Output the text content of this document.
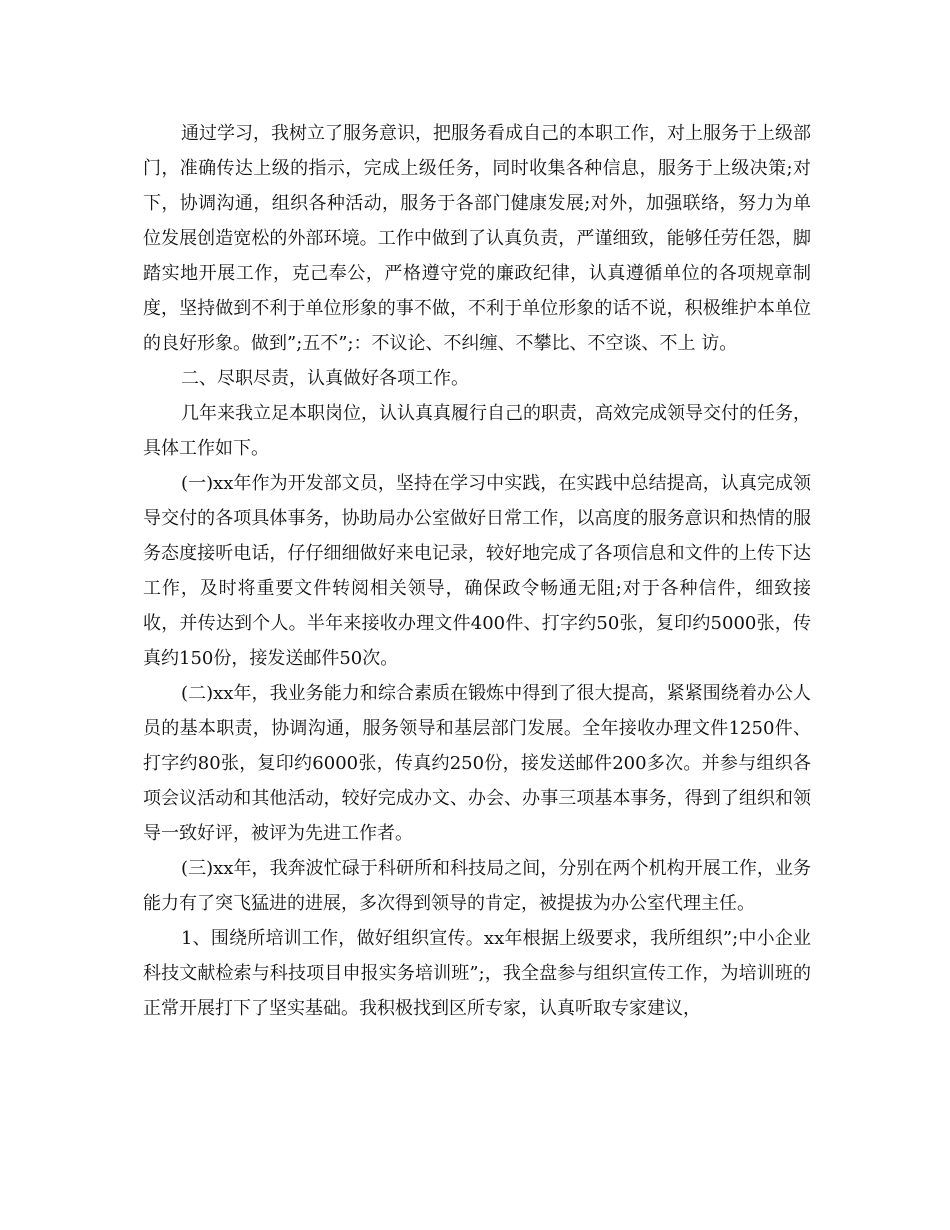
通过学习，我树立了服务意识，把服务看成自己的本职工作，对上服务于上级部门，准确传达上级的指示，完成上级任务，同时收集各种信息，服务于上级决策;对下，协调沟通，组织各种活动，服务于各部门健康发展;对外，加强联络，努力为单位发展创造宽松的外部环境。工作中做到了认真负责，严谨细致，能够任劳任怨，脚踏实地开展工作，克己奉公，严格遵守党的廉政纪律，认真遵循单位的各项规章制度，坚持做到不利于单位形象的事不做，不利于单位形象的话不说，积极维护本单位的良好形象。做到”;五不”;：不议论、不纠缠、不攀比、不空谈、不上 访。

二、尽职尽责，认真做好各项工作。

几年来我立足本职岗位，认认真真履行自己的职责，高效完成领导交付的任务，具体工作如下。

(一)xx年作为开发部文员，坚持在学习中实践，在实践中总结提高，认真完成领导交付的各项具体事务，协助局办公室做好日常工作，以高度的服务意识和热情的服务态度接听电话，仔仔细细做好来电记录，较好地完成了各项信息和文件的上传下达工作，及时将重要文件转阅相关领导，确保政令畅通无阻;对于各种信件，细致接收，并传达到个人。半年来接收办理文件400件、打字约50张，复印约5000张，传真约150份，接发送邮件50次。

(二)xx年，我业务能力和综合素质在锻炼中得到了很大提高，紧紧围绕着办公人员的基本职责，协调沟通，服务领导和基层部门发展。全年接收办理文件1250件、打字约80张，复印约6000张，传真约250份，接发送邮件200多次。并参与组织各项会议活动和其他活动，较好完成办文、办会、办事三项基本事务，得到了组织和领导一致好评，被评为先进工作者。

(三)xx年，我奔波忙碌于科研所和科技局之间，分别在两个机构开展工作，业务能力有了突飞猛进的进展，多次得到领导的肯定，被提拔为办公室代理主任。

1、围绕所培训工作，做好组织宣传。xx年根据上级要求，我所组织”;中小企业科技文献检索与科技项目申报实务培训班”;，我全盘参与组织宣传工作，为培训班的正常开展打下了坚实基础。我积极找到区所专家，认真听取专家建议，
